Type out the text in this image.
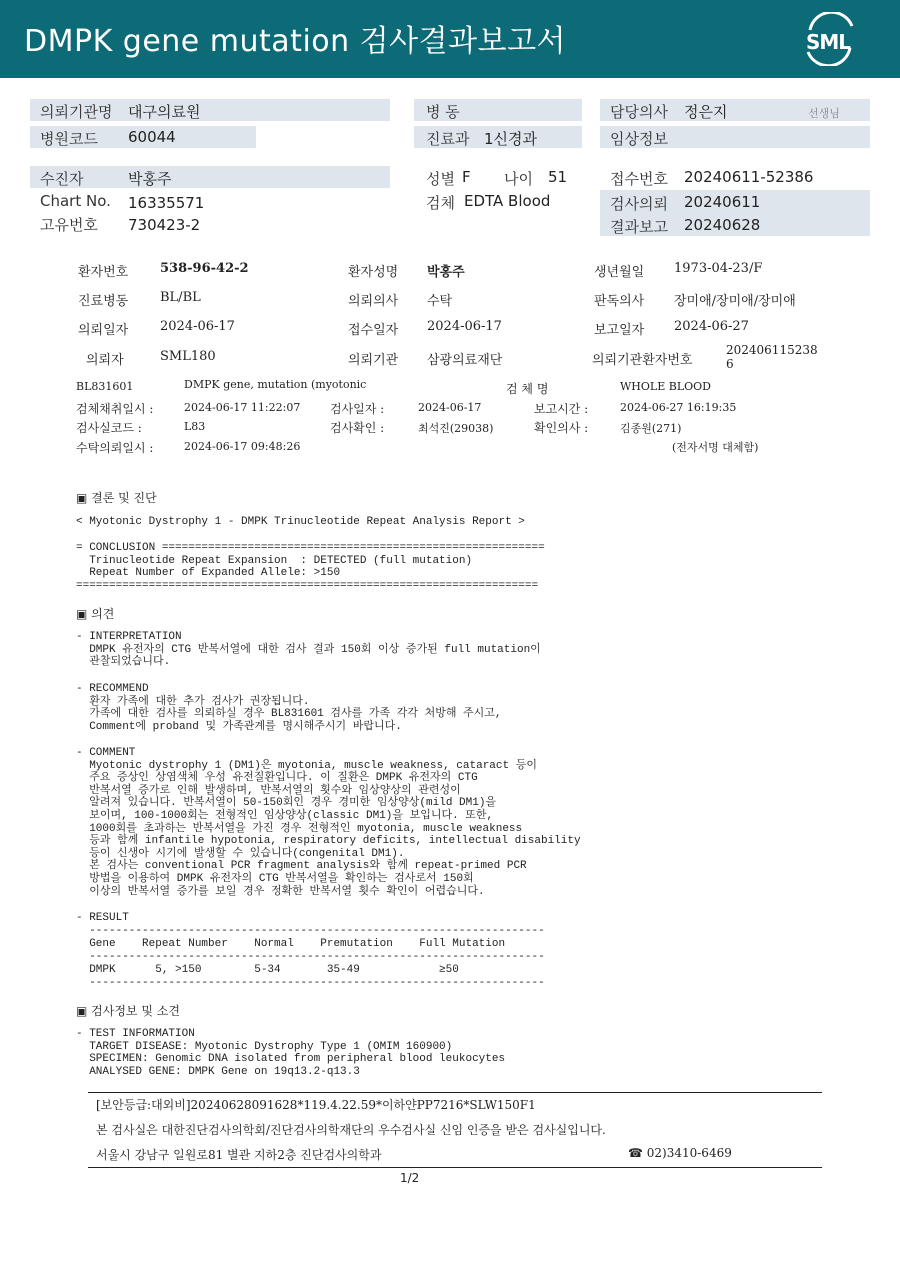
DMPK gene mutation 검사결과보고서	SML
의뢰기관명 대구의료원
병원코드 60044
병 동
진료과 1신경과
담당의사 정은지	선생님
임상정보
수진자	박홍주
Chart No. 16335571
고유번호 730423-2
성별 F 나이 51
검체 EDTA Blood
접수번호 20240611-52386
검사의뢰 20240611
결과보고 20240628
환자번호 538-96-42-2	환자성명 박홍주	생년월일 1973-04-23/F
진료병동 BL/BL	의뢰의사 수탁	판독의사 장미애/장미애/장미애
의뢰일자 2024-06-17	접수일자 2024-06-17	보고일자 2024-06-27
의뢰자	SML180	의뢰기관 삼광의료재단	의뢰기관환자번호
202406115238
6
BL831601	DMPK gene, mutation (myotonic	검 체 명	WHOLE BLOOD
검체채취일시 :	2024-06-17 11:22:07 검사일자 :	2024-06-17	보고시간 :	2024-06-27 16:19:35
검사실코드 :	L83	검사확인 :	최석진(29038)	확인의사 :	김종원(271)
수탁의뢰일시 :	2024-06-17 09:48:26	(전자서명 대체함)
▣ 결론 및 진단
< Myotonic Dystrophy 1 - DMPK Trinucleotide Repeat Analysis Report >
= CONCLUSION ==========================================================
Trinucleotide Repeat Expansion  : DETECTED (full mutation)
Repeat Number of Expanded Allele: >150
======================================================================
▣ 의견
- INTERPRETATION
DMPK 유전자의 CTG 반복서열에 대한 검사 결과 150회 이상 증가된 full mutation이
관찰되었습니다.
- RECOMMEND
환자 가족에 대한 추가 검사가 권장됩니다.
가족에 대한 검사를 의뢰하실 경우 BL831601 검사를 가족 각각 처방해 주시고,
Comment에 proband 및 가족관계를 명시해주시기 바랍니다.
- COMMENT
Myotonic dystrophy 1 (DM1)은 myotonia, muscle weakness, cataract 등이
주요 증상인 상염색체 우성 유전질환입니다. 이 질환은 DMPK 유전자의 CTG
반복서열 증가로 인해 발생하며, 반복서열의 횟수와 임상양상의 관련성이
알려져 있습니다. 반복서열이 50-150회인 경우 경미한 임상양상(mild DM1)을
보이며, 100-1000회는 전형적인 임상양상(classic DM1)을 보입니다. 또한,
1000회를 초과하는 반복서열을 가진 경우 전형적인 myotonia, muscle weakness
등과 함께 infantile hypotonia, respiratory deficits, intellectual disability
등이 신생아 시기에 발생할 수 있습니다(congenital DM1).
본 검사는 conventional PCR fragment analysis와 함께 repeat-primed PCR
방법을 이용하여 DMPK 유전자의 CTG 반복서열을 확인하는 검사로서 150회
이상의 반복서열 증가를 보일 경우 정확한 반복서열 횟수 확인이 어렵습니다.
- RESULT
---------------------------------------------------------------------
Gene    Repeat Number    Normal    Premutation    Full Mutation
---------------------------------------------------------------------
DMPK      5, >150        5-34       35-49            ≥50
---------------------------------------------------------------------
▣ 검사정보 및 소견
- TEST INFORMATION
TARGET DISEASE: Myotonic Dystrophy Type 1 (OMIM 160900)
SPECIMEN: Genomic DNA isolated from peripheral blood leukocytes
ANALYSED GENE: DMPK Gene on 19q13.2-q13.3
[보안등급:대외비]20240628091628*119.4.22.59*이하얀PP7216*SLW150F1
본 검사실은 대한진단검사의학회/진단검사의학재단의 우수검사실 신임 인증을 받은 검사실입니다.
서울시 강남구 일원로81 별관 지하2층 진단검사의학과	☎ 02)3410-6469
1/2
